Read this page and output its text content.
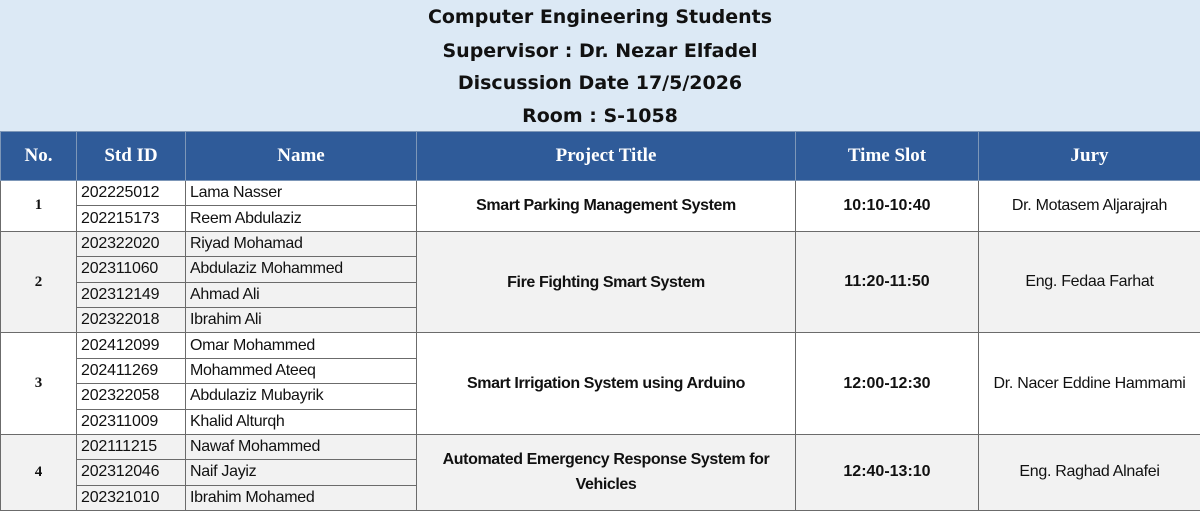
Computer Engineering Students
Supervisor : Dr. Nezar Elfadel
Discussion Date 17/5/2026
Room : S-1058
No.	Std ID	Name	Project Title	Time Slot	Jury
1	202225012	Lama Nasser	Smart Parking Management System	10:10-10:40	Dr. Motasem Aljarajrah
	202215173	Reem Abdulaziz			
2	202322020	Riyad Mohamad	Fire Fighting Smart System	11:20-11:50	Eng. Fedaa Farhat
	202311060	Abdulaziz Mohammed			
	202312149	Ahmad Ali			
	202322018	Ibrahim Ali			
3	202412099	Omar Mohammed	Smart Irrigation System using Arduino	12:00-12:30	Dr. Nacer Eddine Hammami
	202411269	Mohammed Ateeq			
	202322058	Abdulaziz Mubayrik			
	202311009	Khalid Alturqh			
4	202111215	Nawaf Mohammed	Automated Emergency Response System for Vehicles	12:40-13:10	Eng. Raghad Alnafei
	202312046	Naif Jayiz			
	202321010	Ibrahim Mohamed			
